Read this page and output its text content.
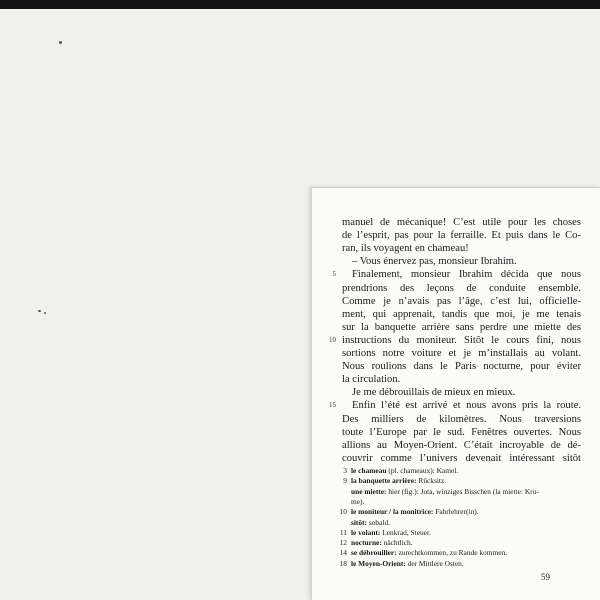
manuel de mécanique! C’est utile pour les choses
de l’esprit, pas pour la ferraille. Et puis dans le Co-
ran, ils voyagent en chameau!
– Vous énervez pas, monsieur Ibrahim.
Finalement, monsieur Ibrahim décida que nous
5
prendrions des leçons de conduite ensemble.
Comme je n’avais pas l’âge, c’est lui, officielle-
ment, qui apprenait, tandis que moi, je me tenais
sur la banquette arrière sans perdre une miette des
instructions du moniteur. Sitôt le cours fini, nous
10
sortions notre voiture et je m’installais au volant.
Nous roulions dans le Paris nocturne, pour éviter
la circulation.
Je me débrouillais de mieux en mieux.
Enfin l’été est arrivé et nous avons pris la route.
15
Des milliers de kilomètres. Nous traversions
toute l’Europe par le sud. Fenêtres ouvertes. Nous
allions au Moyen-Orient. C’était incroyable de dé-
couvrir comme l’univers devenait intéressant sitôt
3 le chameau (pl. chameaux): Kamel.
9 la banquette arrière: Rücksitz.
une miette: hier (fig.): Jota, winziges Bisschen (la miette: Kru-
me).
10 le moniteur / la monitrice: Fahrlehrer(in).
sitôt: sobald.
11 le volant: Lenkrad, Steuer.
12 nocturne: nächtlich.
14 se débrouiller: zurechtkommen, zu Rande kommen.
18 le Moyen-Orient: der Mittlere Osten.
59
